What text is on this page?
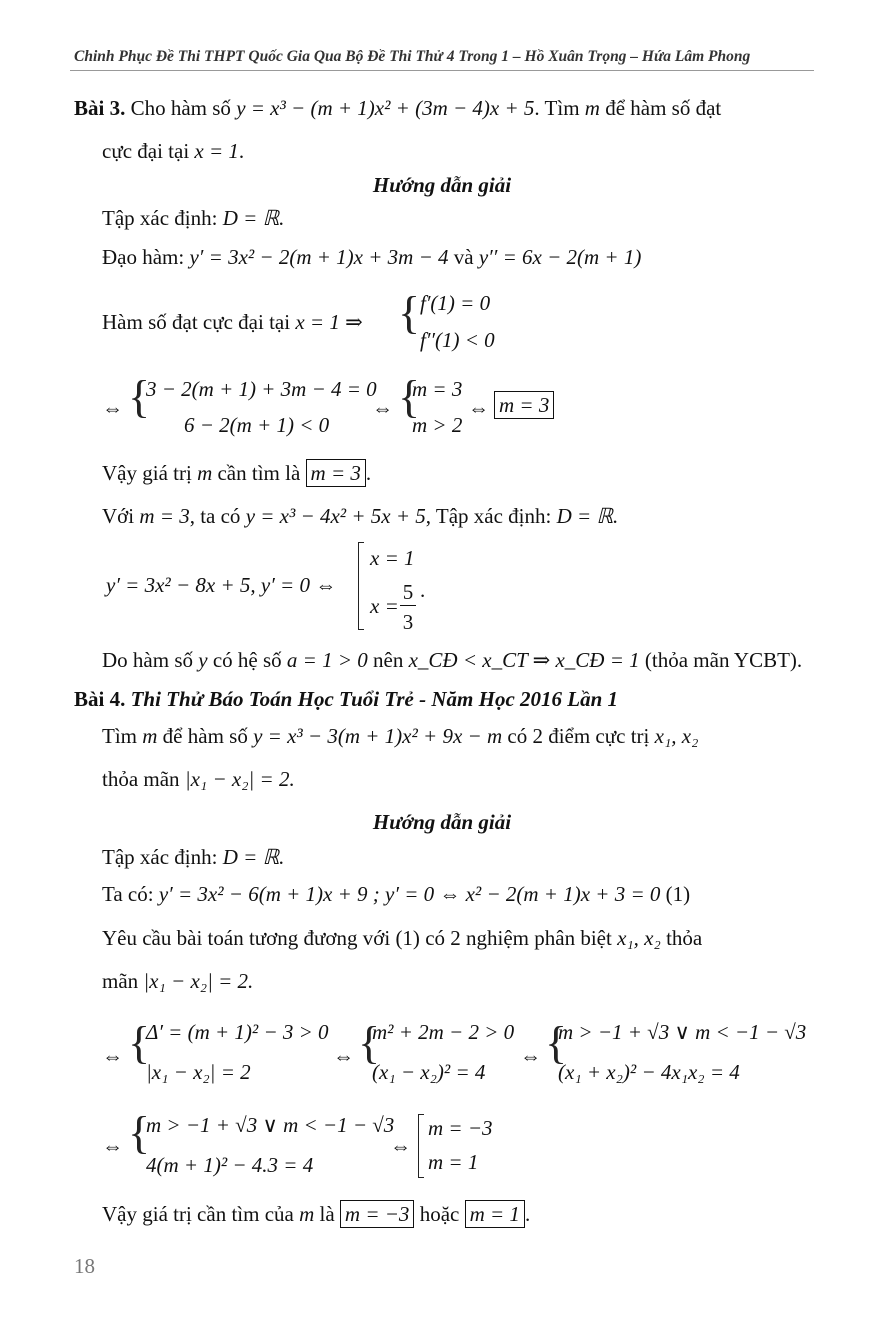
Chinh Phục Đề Thi THPT Quốc Gia Qua Bộ Đề Thi Thử 4 Trong 1 – Hồ Xuân Trọng – Hứa Lâm Phong
Bài 3. Cho hàm số y = x³ − (m + 1)x² + (3m − 4)x + 5. Tìm m để hàm số đạt
cực đại tại x = 1.
Hướng dẫn giải
Tập xác định: D = ℝ.
Đạo hàm: y′ = 3x² − 2(m + 1)x + 3m − 4 và y′′ = 6x − 2(m + 1)
Hàm số đạt cực đại tại x = 1 ⇒ { f′(1) = 0
f′′(1) < 0
⇔ {
3 − 2(m + 1) + 3m − 4 = 0
6 − 2(m + 1) < 0
⇔ {
m = 3
m > 2
⇔ m = 3
Vậy giá trị m cần tìm là m = 3 .
Với m = 3, ta có y = x³ − 4x² + 5x + 5, Tập xác định: D = ℝ.
y′ = 3x² − 8x + 5, y′ = 0 ⇔
x = 1
x =
5
3
.
Do hàm số y có hệ số a = 1 > 0 nên x_CĐ < x_CT ⇒ x_CĐ = 1 (thỏa mãn YCBT).
Bài 4. Thi Thử Báo Toán Học Tuổi Trẻ - Năm Học 2016 Lần 1
Tìm m để hàm số y = x³ − 3(m + 1)x² + 9x − m có 2 điểm cực trị x₁, x₂
thỏa mãn |x₁ − x₂| = 2.
Hướng dẫn giải
Tập xác định: D = ℝ.
Ta có: y′ = 3x² − 6(m + 1)x + 9 ; y′ = 0 ⇔ x² − 2(m + 1)x + 3 = 0 (1)
Yêu cầu bài toán tương đương với (1) có 2 nghiệm phân biệt x₁, x₂ thỏa
mãn |x₁ − x₂| = 2.
⇔ {
Δ′ = (m + 1)² − 3 > 0
|x₁ − x₂| = 2
⇔ {
m² + 2m − 2 > 0
(x₁ − x₂)² = 4
⇔ {
m > −1 + √3 ∨ m < −1 − √3
(x₁ + x₂)² − 4x₁x₂ = 4
⇔ {
m > −1 + √3 ∨ m < −1 − √3
4(m + 1)² − 4.3 = 4
⇔
m = −3
m = 1
Vậy giá trị cần tìm của m là m = −3 hoặc m = 1 .
18
